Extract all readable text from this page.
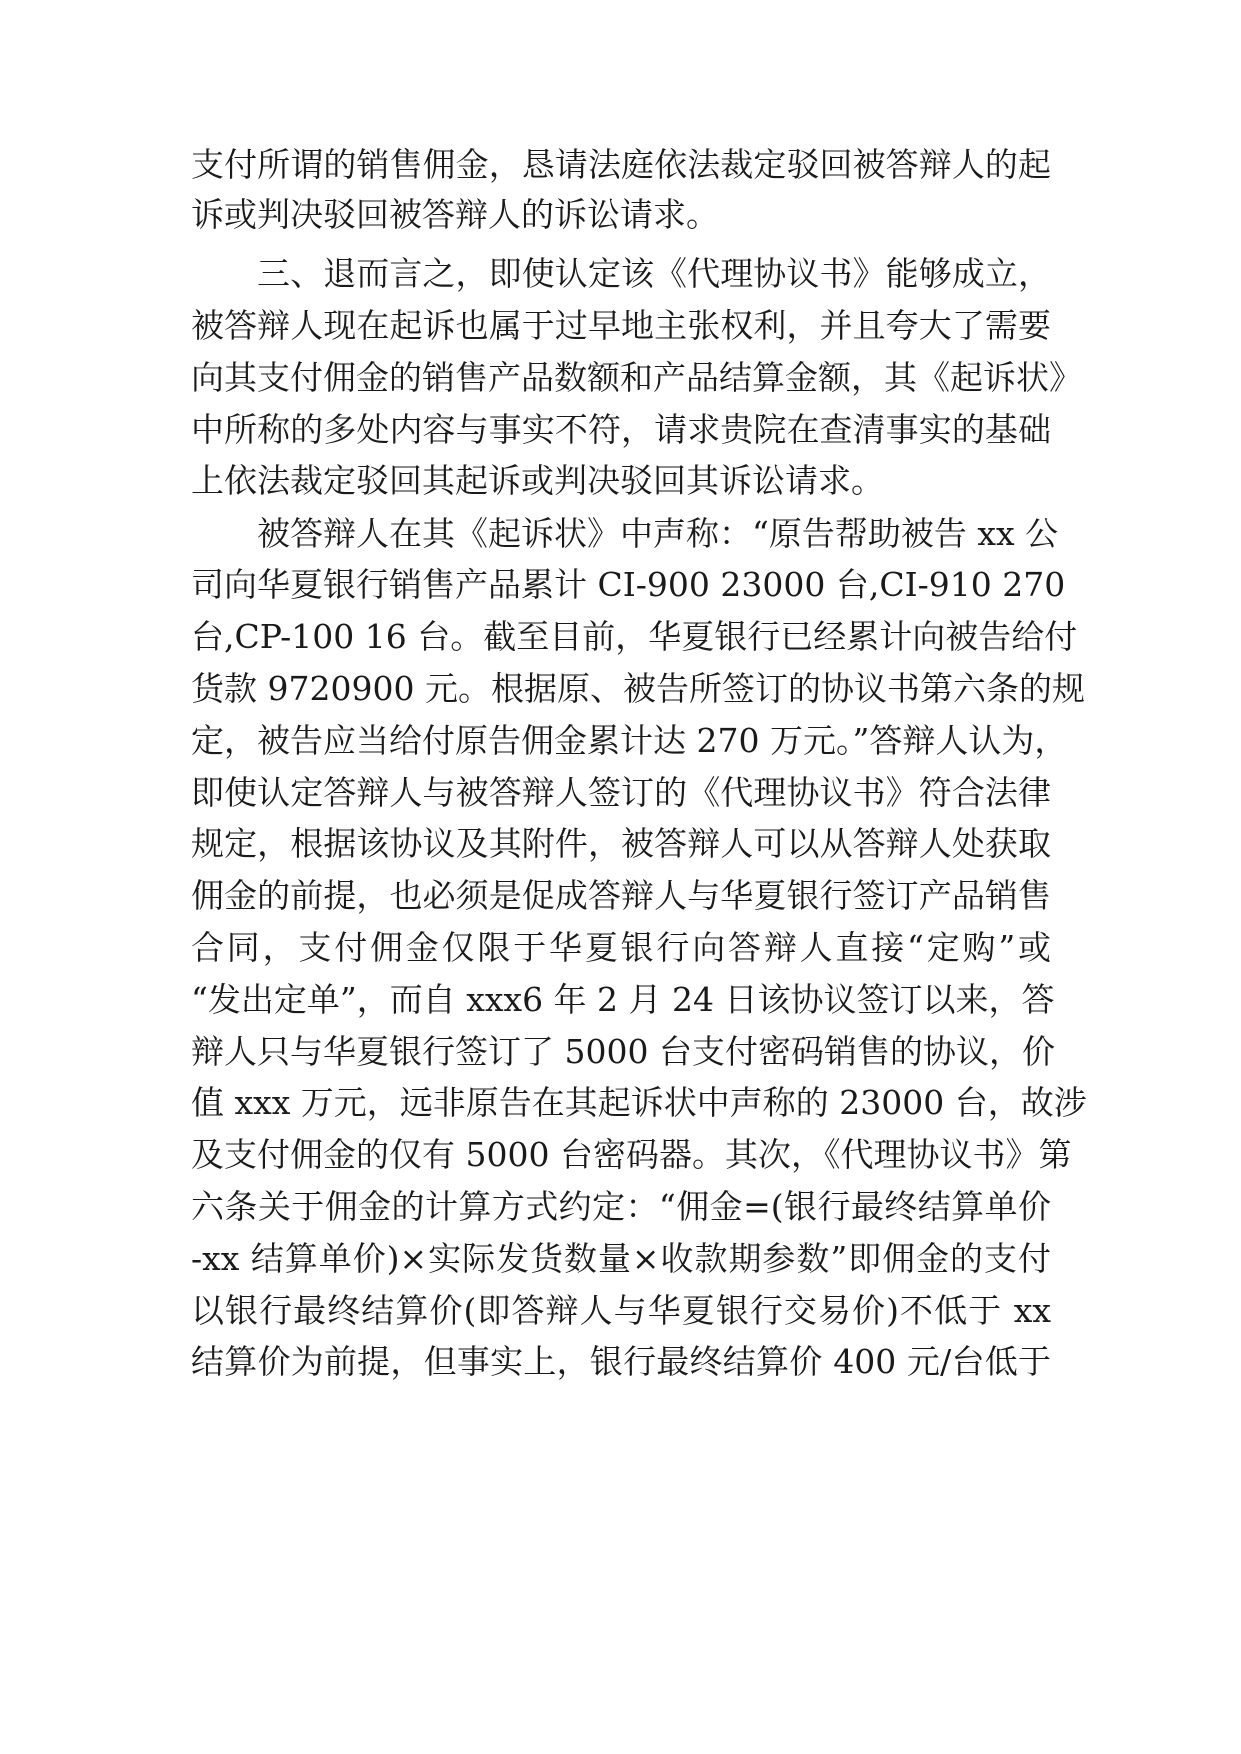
支付所谓的销售佣金，恳请法庭依法裁定驳回被答辩人的起
诉或判决驳回被答辩人的诉讼请求。
三、退而言之，即使认定该《代理协议书》能够成立，
被答辩人现在起诉也属于过早地主张权利，并且夸大了需要
向其支付佣金的销售产品数额和产品结算金额，其《起诉状》
中所称的多处内容与事实不符，请求贵院在查清事实的基础
上依法裁定驳回其起诉或判决驳回其诉讼请求。
被答辩人在其《起诉状》中声称：“原告帮助被告 xx 公
司向华夏银行销售产品累计 CI-900 23000 台,CI-910 270
台,CP-100 16 台。截至目前，华夏银行已经累计向被告给付
货款 9720900 元。根据原、被告所签订的协议书第六条的规
定，被告应当给付原告佣金累计达 270 万元。”答辩人认为，
即使认定答辩人与被答辩人签订的《代理协议书》符合法律
规定，根据该协议及其附件，被答辩人可以从答辩人处获取
佣金的前提，也必须是促成答辩人与华夏银行签订产品销售
合同，支付佣金仅限于华夏银行向答辩人直接“定购”或
“发出定单”，而自 xxx6 年 2 月 24 日该协议签订以来，答
辩人只与华夏银行签订了 5000 台支付密码销售的协议，价
值 xxx 万元，远非原告在其起诉状中声称的 23000 台，故涉
及支付佣金的仅有 5000 台密码器。其次，《代理协议书》第
六条关于佣金的计算方式约定：“佣金=(银行最终结算单价
-xx 结算单价)×实际发货数量×收款期参数”即佣金的支付
以银行最终结算价(即答辩人与华夏银行交易价)不低于 xx
结算价为前提，但事实上，银行最终结算价 400 元/台低于
